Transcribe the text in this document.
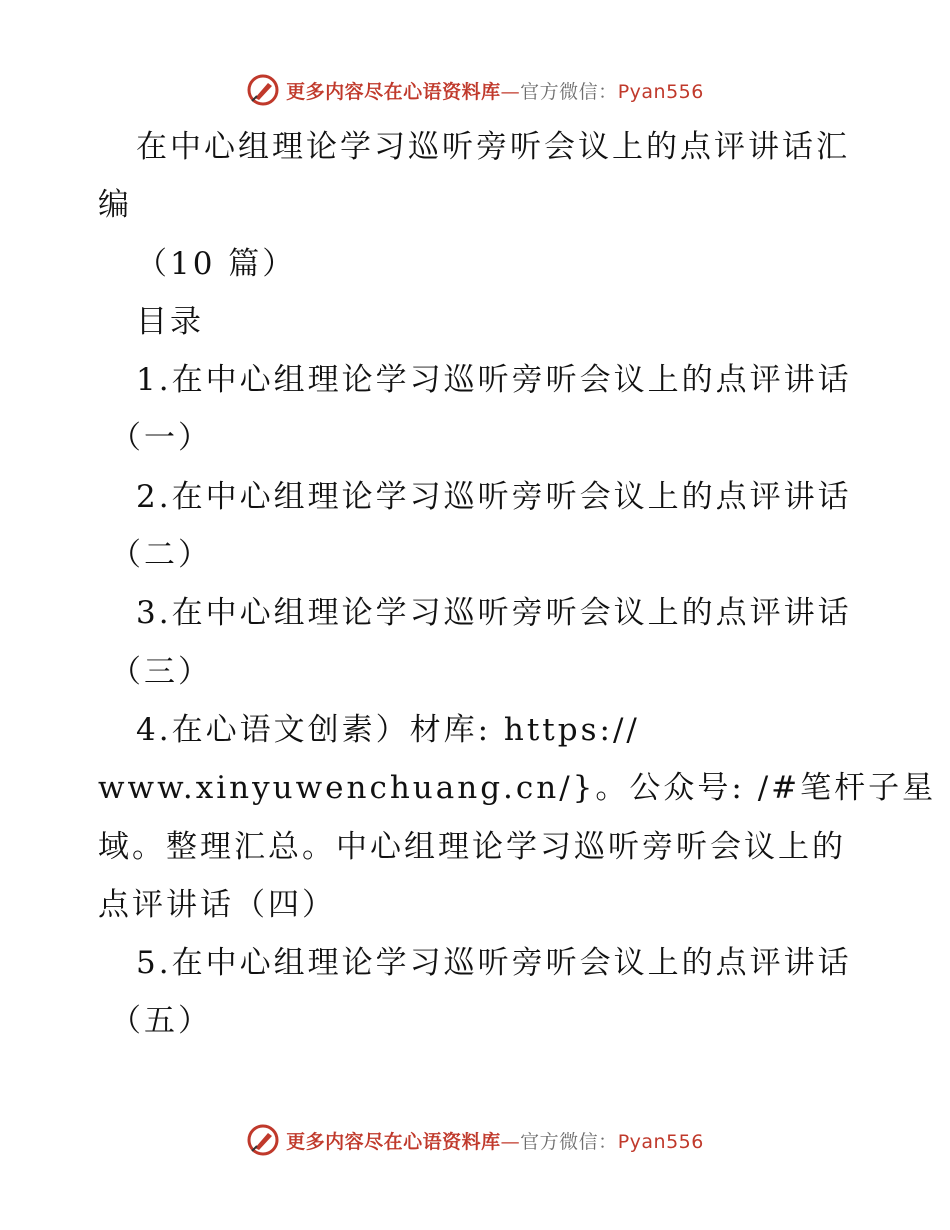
更多内容尽在心语资料库—官方微信：Pyan556
在中心组理论学习巡听旁听会议上的点评讲话汇
编
（10 篇）
目录
1.在中心组理论学习巡听旁听会议上的点评讲话
（一）
2.在中心组理论学习巡听旁听会议上的点评讲话
（二）
3.在中心组理论学习巡听旁听会议上的点评讲话
（三）
4.在心语文创素）材库: https://
www.xinyuwenchuang.cn/}。公众号: /#笔杆子星
域。整理汇总。中心组理论学习巡听旁听会议上的
点评讲话（四）
5.在中心组理论学习巡听旁听会议上的点评讲话
（五）
更多内容尽在心语资料库—官方微信：Pyan556
